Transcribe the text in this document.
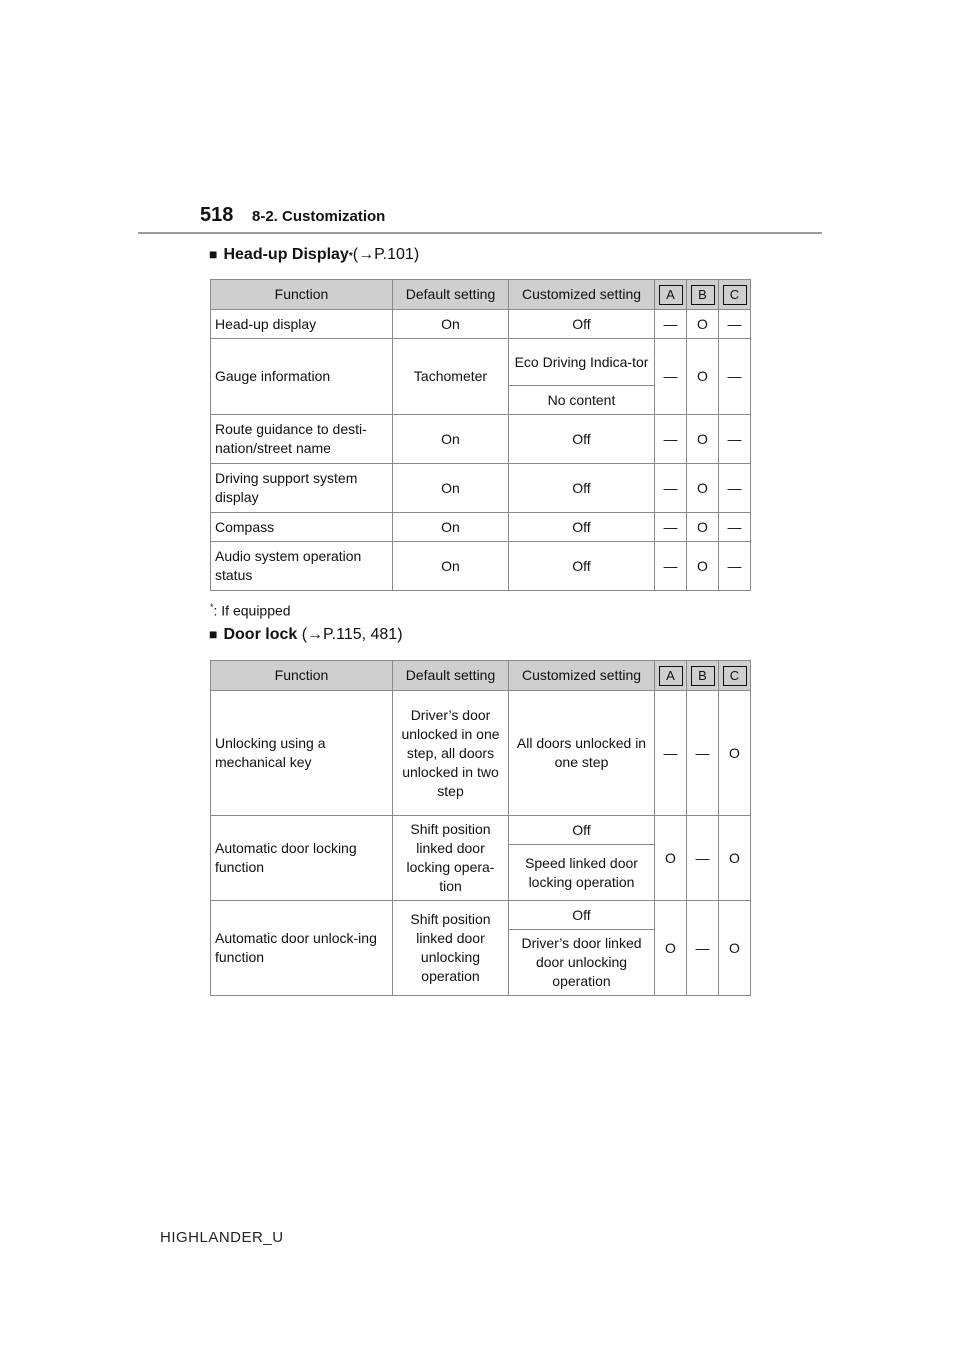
518	8-2. Customization
■ Head-up Display * (→P.101)
Function	Default setting	Customized setting	A	B	C
Head-up display	On	Off	—	O	—
Gauge information	Tachometer	Eco Driving Indica-tor	—	O	—
		No content			
Route guidance to desti-nation/street name	On	Off	—	O	—
Driving support system display	On	Off	—	O	—
Compass	On	Off	—	O	—
Audio system operation status	On	Off	—	O	—
*: If equipped
■ Door lock
(→P.115, 481)
Function	Default setting	Customized setting	A	B	C
Unlocking using a mechanical key	Driver’s door unlocked in one step, all doors unlocked in two step	All doors unlocked in one step	—	—	O
Automatic door locking function	Shift position linked door locking opera-tion	Off	O	—	O
		Speed linked door locking operation			
Automatic door unlock-ing function	Shift position linked door unlocking operation	Off	O	—	O
		Driver’s door linked door unlocking operation			
HIGHLANDER_U
